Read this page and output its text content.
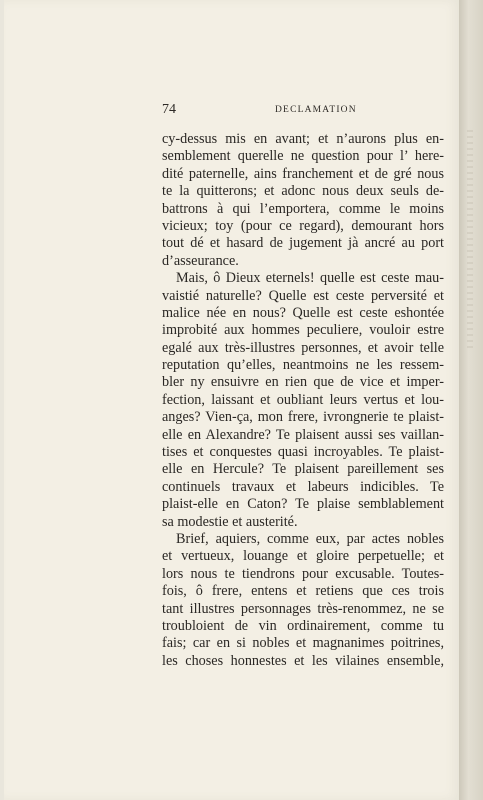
74	DECLAMATION
cy-dessus mis en avant; et n’aurons plus en-
semblement querelle ne question pour l’ here-
dité paternelle, ains franchement et de gré nous
te la quitterons; et adonc nous deux seuls de-
battrons à qui l’emportera, comme le moins
vicieux; toy (pour ce regard), demourant hors
tout dé et hasard de jugement jà ancré au port
d’asseurance.
Mais, ô Dieux eternels! quelle est ceste mau-
vaistié naturelle? Quelle est ceste perversité et
malice née en nous? Quelle est ceste eshontée
improbité aux hommes peculiere, vouloir estre
egalé aux très-illustres personnes, et avoir telle
reputation qu’elles, neantmoins ne les ressem-
bler ny ensuivre en rien que de vice et imper-
fection, laissant et oubliant leurs vertus et lou-
anges? Vien-ça, mon frere, ivrongnerie te plaist-
elle en Alexandre? Te plaisent aussi ses vaillan-
tises et conquestes quasi incroyables. Te plaist-
elle en Hercule? Te plaisent pareillement ses
continuels travaux et labeurs indicibles. Te
plaist-elle en Caton? Te plaise semblablement
sa modestie et austerité.
Brief, aquiers, comme eux, par actes nobles
et vertueux, louange et gloire perpetuelle; et
lors nous te tiendrons pour excusable. Toutes-
fois, ô frere, entens et retiens que ces trois
tant illustres personnages très-renommez, ne se
troubloient de vin ordinairement, comme tu
fais; car en si nobles et magnanimes poitrines,
les choses honnestes et les vilaines ensemble,
